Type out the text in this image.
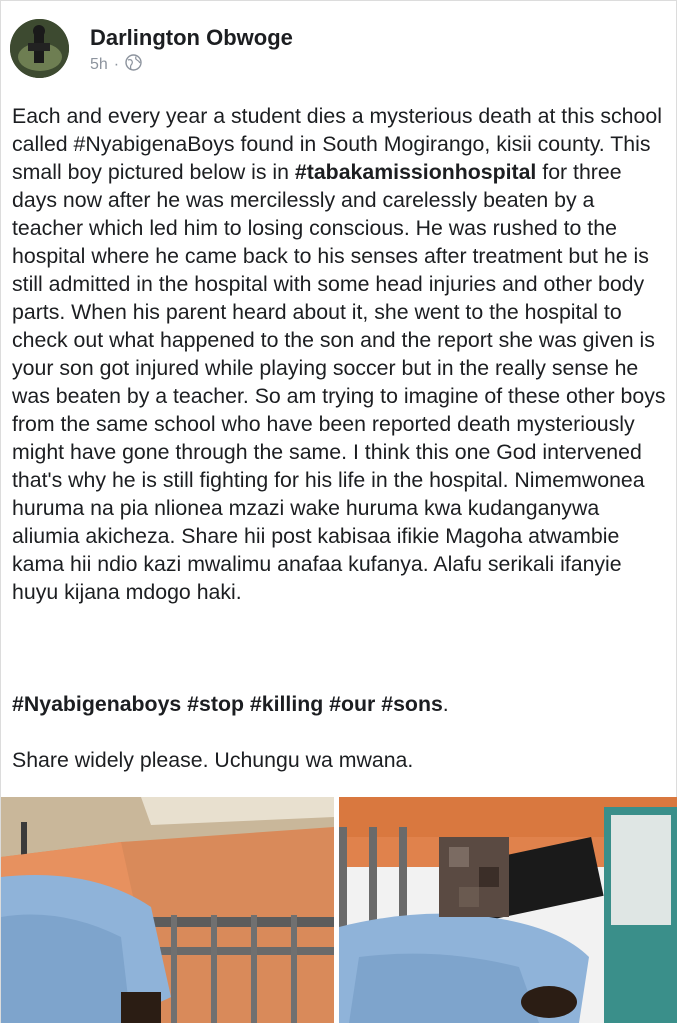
Darlington Obwoge
5h ·
Each and every year a student dies a mysterious death at this school called #NyabigenaBoys found in South Mogirango, kisii county. This small boy pictured below is in #tabakamissionhospital for three days now after he was mercilessly and carelessly beaten by a teacher which led him to losing conscious. He was rushed to the hospital where he came back to his senses after treatment but he is still admitted in the hospital with some head injuries and other body parts. When his parent heard about it, she went to the hospital to check out what happened to the son and the report she was given is your son got injured while playing soccer but in the really sense he was beaten by a teacher. So am trying to imagine of these other boys from the same school who have been reported death mysteriously might have gone through the same. I think this one God intervened that's why he is still fighting for his life in the hospital. Nimemwonea huruma na pia nlionea mzazi wake huruma kwa kudanganywa aliumia akicheza. Share hii post kabisaa ifikie Magoha atwambie kama hii ndio kazi mwalimu anafaa kufanya. Alafu serikali ifanyie huyu kijana mdogo haki.
#Nyabigenaboys #stop #killing #our #sons.
Share widely please. Uchungu wa mwana.
